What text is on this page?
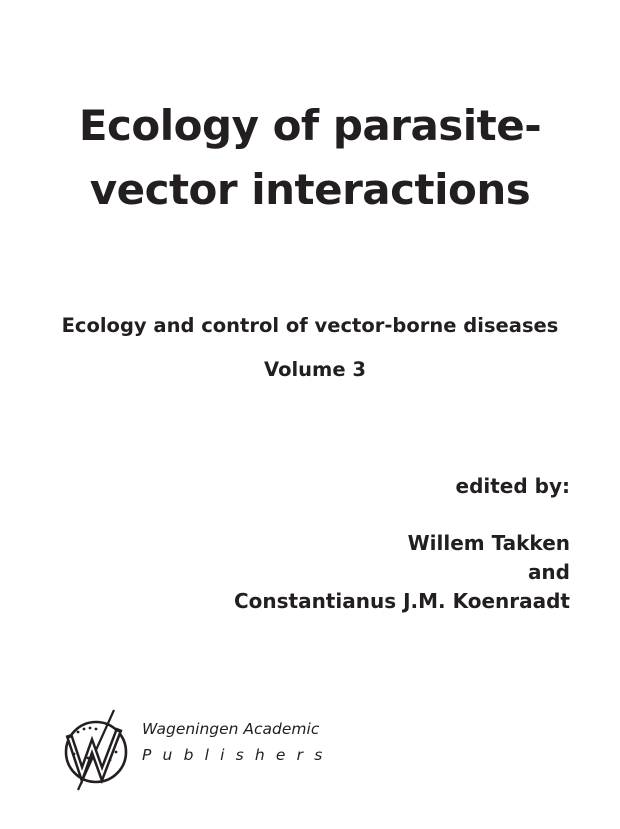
Ecology of parasite-
vector interactions

Ecology and control of vector-borne diseases

Volume 3

edited by:
Willem Takken
and
Constantianus J.M. Koenraadt
Wageningen Academic
Publishers
